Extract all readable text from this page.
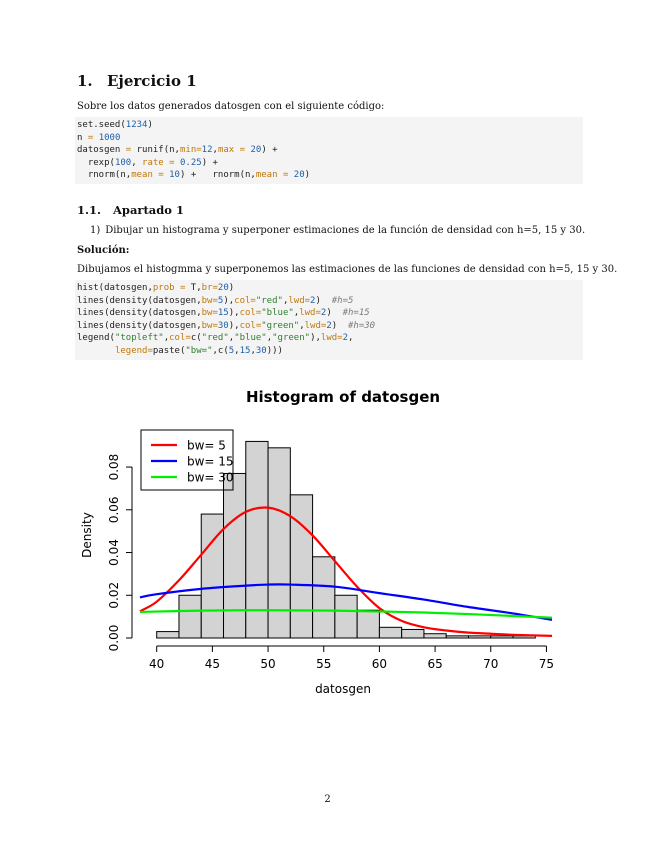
1. Ejercicio 1
Sobre los datos generados datosgen con el siguiente código:
set.seed(1234)
n = 1000
datosgen = runif(n,min=12,max = 20) +
rexp(100, rate = 0.25) +
rnorm(n,mean = 10) +   rnorm(n,mean = 20)
1.1. Apartado 1
1) Dibujar un histograma y superponer estimaciones de la función de densidad con h=5, 15 y 30.
Solución:
Dibujamos el histogmma y superponemos las estimaciones de las funciones de densidad con h=5, 15 y 30.
hist(datosgen,prob = T,br=20)
lines(density(datosgen,bw=5),col="red",lwd=2)  #h=5
lines(density(datosgen,bw=15),col="blue",lwd=2)  #h=15
lines(density(datosgen,bw=30),col="green",lwd=2)  #h=30
legend("topleft",col=c("red","blue","green"),lwd=2,
legend=paste("bw=",c(5,15,30)))
Histogram of datosgen
40	45	50	55	60	65	70	75
0.00
0.02
0.04
0.06
0.08
bw= 5
bw= 15
bw= 30
datosgen
Density
2
